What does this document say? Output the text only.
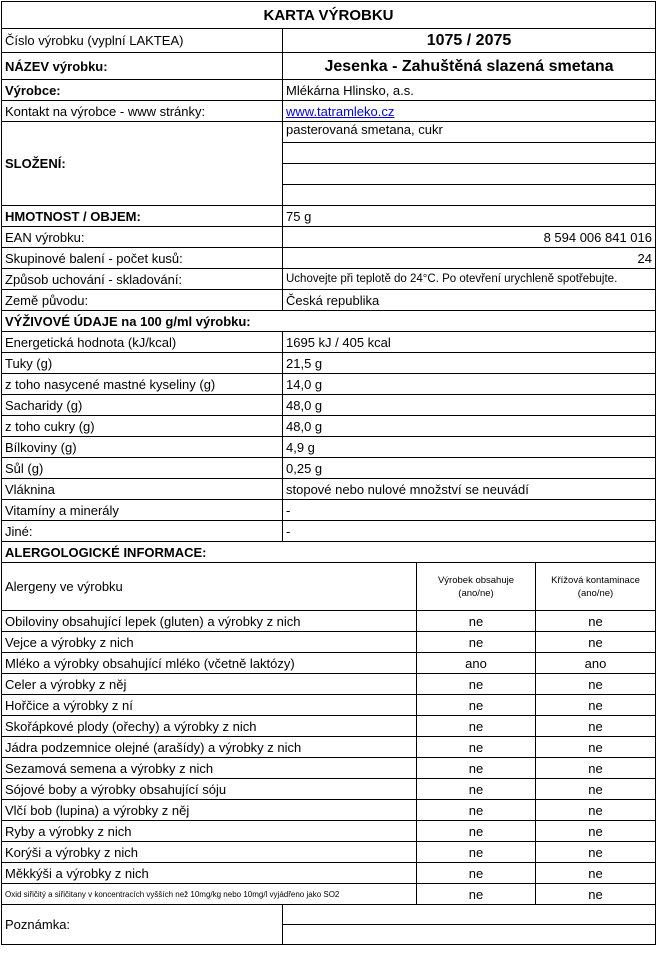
KARTA VÝROBKU			
Číslo výrobku (vyplní LAKTEA)	1075 / 2075		
NÁZEV výrobku:	Jesenka - Zahuštěná slazená smetana		
Výrobce:	Mlékárna Hlinsko, a.s.		
Kontakt na výrobce - www stránky:	www.tatramleko.cz		
SLOŽENÍ:	pasterovaná smetana, cukr		

HMOTNOST / OBJEM:	75 g		
EAN výrobku:	8 594 006 841 016		
Skupinové balení - počet kusů:	24		
Způsob uchování - skladování:	Uchovejte při teplotě do 24°C. Po otevření urychleně spotřebujte.		
Země původu:	Česká republika		
VÝŽIVOVÉ ÚDAJE na 100 g/ml výrobku:			
Energetická hodnota (kJ/kcal)	1695 kJ / 405 kcal		
Tuky (g)	21,5 g		
z toho nasycené mastné kyseliny (g)	14,0 g		
Sacharidy (g)	48,0 g		
z toho cukry (g)	48,0 g		
Bílkoviny (g)	4,9 g		
Sůl (g)	0,25 g		
Vláknina	stopové nebo nulové množství se neuvádí		
Vitamíny a minerály	-		
Jiné:	-		
ALERGOLOGICKÉ INFORMACE:			
Alergeny ve výrobku		Výrobek obsahuje (ano/ne)	Křížová kontaminace (ano/ne)
Obiloviny obsahující lepek (gluten) a výrobky z nich		ne	ne
Vejce a výrobky z nich		ne	ne
Mléko a výrobky obsahující mléko (včetně laktózy)		ano	ano
Celer a výrobky z něj		ne	ne
Hořčice a výrobky z ní		ne	ne
Skořápkové plody (ořechy) a výrobky z nich		ne	ne
Jádra podzemnice olejné (arašídy) a výrobky z nich		ne	ne
Sezamová semena a výrobky z nich		ne	ne
Sójové boby a výrobky obsahující sóju		ne	ne
Vlčí bob (lupina) a výrobky z něj		ne	ne
Ryby a výrobky z nich		ne	ne
Korýši a výrobky z nich		ne	ne
Měkkýši a výrobky z nich		ne	ne
Oxid siřičitý a siřičitany v koncentracích vyšších než 10mg/kg nebo 10mg/l vyjádřeno jako SO2		ne	ne
Poznámka:			
